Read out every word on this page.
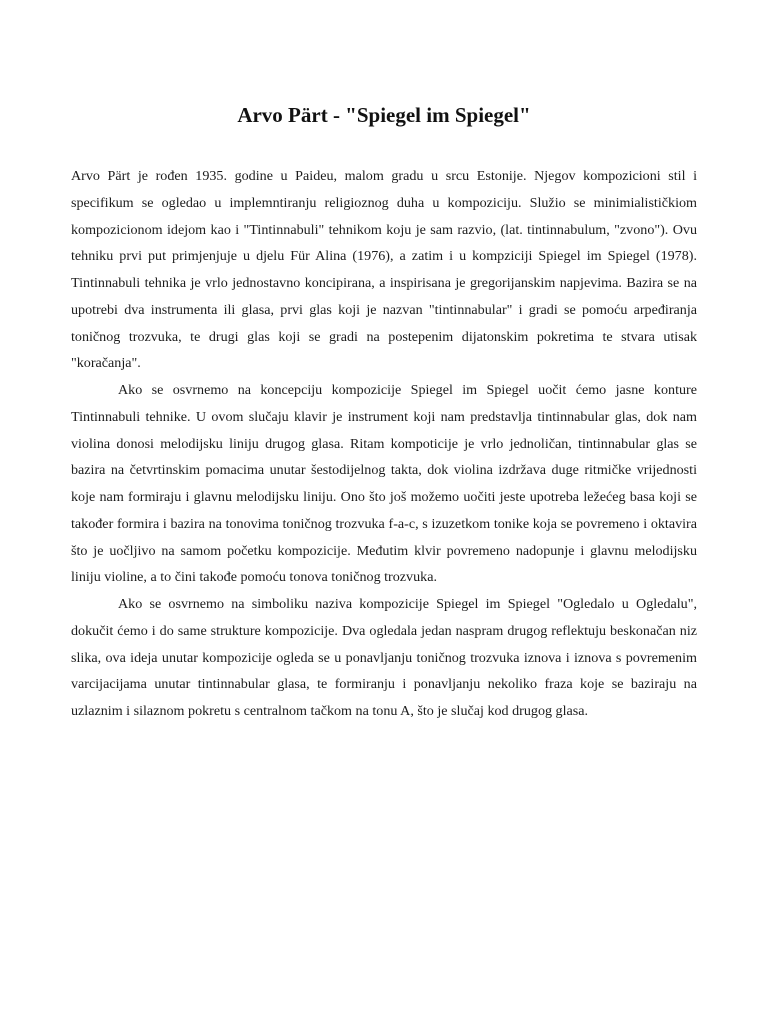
Arvo Pärt - "Spiegel im Spiegel"

Arvo Pärt je rođen 1935. godine u Paideu, malom gradu u srcu Estonije. Njegov kompozicioni stil i specifikum se ogledao u implemntiranju religioznog duha u kompoziciju. Služio se minimialističkiom kompozicionom idejom kao i "Tintinnabuli" tehnikom koju je sam razvio, (lat. tintinnabulum, "zvono"). Ovu tehniku prvi put primjenjuje u djelu Für Alina (1976), a zatim i u kompziciji Spiegel im Spiegel (1978). Tintinnabuli tehnika je vrlo jednostavno koncipirana, a inspirisana je gregorijanskim napjevima. Bazira se na upotrebi dva instrumenta ili glasa, prvi glas koji je nazvan "tintinnabular" i gradi se pomoću arpeđiranja toničnog trozvuka, te drugi glas koji se gradi na postepenim dijatonskim pokretima te stvara utisak "koračanja".

Ako se osvrnemo na koncepciju kompozicije Spiegel im Spiegel uočit ćemo jasne konture Tintinnabuli tehnike. U ovom slučaju klavir je instrument koji nam predstavlja tintinnabular glas, dok nam violina donosi melodijsku liniju drugog glasa. Ritam kompoticije je vrlo jednoličan, tintinnabular glas se bazira na četvrtinskim pomacima unutar šestodijelnog takta, dok violina izdržava duge ritmičke vrijednosti koje nam formiraju i glavnu melodijsku liniju. Ono što još možemo uočiti jeste upotreba ležećeg basa koji se također formira i bazira na tonovima toničnog trozvuka f-a-c, s izuzetkom tonike koja se povremeno i oktavira što je uočljivo na samom početku kompozicije. Međutim klvir povremeno nadopunje i glavnu melodijsku liniju violine, a to čini takođe pomoću tonova toničnog trozvuka.

Ako se osvrnemo na simboliku naziva kompozicije Spiegel im Spiegel "Ogledalo u Ogledalu", dokučit ćemo i do same strukture kompozicije. Dva ogledala jedan naspram drugog reflektuju beskonačan niz slika, ova ideja unutar kompozicije ogleda se u ponavljanju toničnog trozvuka iznova i iznova s povremenim varcijacijama unutar tintinnabular glasa, te formiranju i ponavljanju nekoliko fraza koje se baziraju na uzlaznim i silaznom pokretu s centralnom tačkom na tonu A, što je slučaj kod drugog glasa.
